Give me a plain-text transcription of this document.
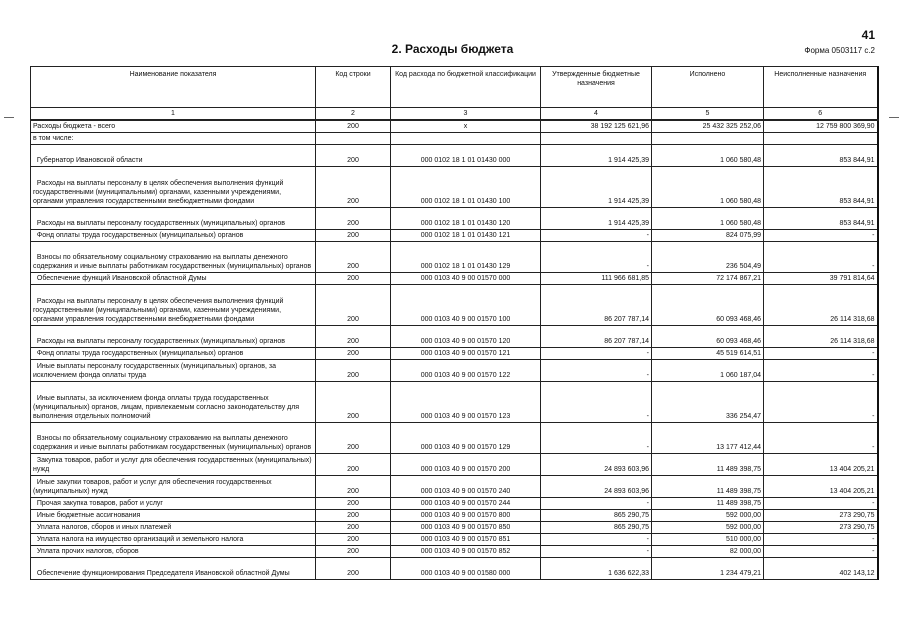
41
2. Расходы бюджета	Форма 0503117 с.2
Наименование показателя	Код строки	Код расхода по бюджетной классификации	Утвержденные бюджетные назначения	Исполнено	Неисполненные назначения
1	2	3	4	5	6
Расходы бюджета - всего	200	x	38 192 125 621,96	25 432 325 252,06	12 759 800 369,90
в том числе:					
Губернатор Ивановской области	200	000 0102 18 1 01 01430 000	1 914 425,39	1 060 580,48	853 844,91
Расходы на выплаты персоналу в целях обеспечения выполнения функций государственными (муниципальными) органами, казенными учреждениями, органами управления государственными внебюджетными фондами	200	000 0102 18 1 01 01430 100	1 914 425,39	1 060 580,48	853 844,91
Расходы на выплаты персоналу государственных (муниципальных) органов	200	000 0102 18 1 01 01430 120	1 914 425,39	1 060 580,48	853 844,91
Фонд оплаты труда государственных (муниципальных) органов	200	000 0102 18 1 01 01430 121	-	824 075,99	-
Взносы по обязательному социальному страхованию на выплаты денежного содержания и иные выплаты работникам государственных (муниципальных) органов	200	000 0102 18 1 01 01430 129	-	236 504,49	-
Обеспечение функций Ивановской областной Думы	200	000 0103 40 9 00 01570 000	111 966 681,85	72 174 867,21	39 791 814,64
Расходы на выплаты персоналу в целях обеспечения выполнения функций государственными (муниципальными) органами, казенными учреждениями, органами управления государственными внебюджетными фондами	200	000 0103 40 9 00 01570 100	86 207 787,14	60 093 468,46	26 114 318,68
Расходы на выплаты персоналу государственных (муниципальных) органов	200	000 0103 40 9 00 01570 120	86 207 787,14	60 093 468,46	26 114 318,68
Фонд оплаты труда государственных (муниципальных) органов	200	000 0103 40 9 00 01570 121	-	45 519 614,51	-
Иные выплаты персоналу государственных (муниципальных) органов, за исключением фонда оплаты труда	200	000 0103 40 9 00 01570 122	-	1 060 187,04	-
Иные выплаты, за исключением фонда оплаты труда государственных (муниципальных) органов, лицам, привлекаемым согласно законодательству для выполнения отдельных полномочий	200	000 0103 40 9 00 01570 123	-	336 254,47	-
Взносы по обязательному социальному страхованию на выплаты денежного содержания и иные выплаты работникам государственных (муниципальных) органов	200	000 0103 40 9 00 01570 129	-	13 177 412,44	-
Закупка товаров, работ и услуг для обеспечения государственных (муниципальных) нужд	200	000 0103 40 9 00 01570 200	24 893 603,96	11 489 398,75	13 404 205,21
Иные закупки товаров, работ и услуг для обеспечения государственных (муниципальных) нужд	200	000 0103 40 9 00 01570 240	24 893 603,96	11 489 398,75	13 404 205,21
Прочая закупка товаров, работ и услуг	200	000 0103 40 9 00 01570 244	-	11 489 398,75	-
Иные бюджетные ассигнования	200	000 0103 40 9 00 01570 800	865 290,75	592 000,00	273 290,75
Уплата налогов, сборов и иных платежей	200	000 0103 40 9 00 01570 850	865 290,75	592 000,00	273 290,75
Уплата налога на имущество организаций и земельного налога	200	000 0103 40 9 00 01570 851	-	510 000,00	-
Уплата прочих налогов, сборов	200	000 0103 40 9 00 01570 852	-	82 000,00	-
Обеспечение функционирования Председателя Ивановской областной Думы	200	000 0103 40 9 00 01580 000	1 636 622,33	1 234 479,21	402 143,12
